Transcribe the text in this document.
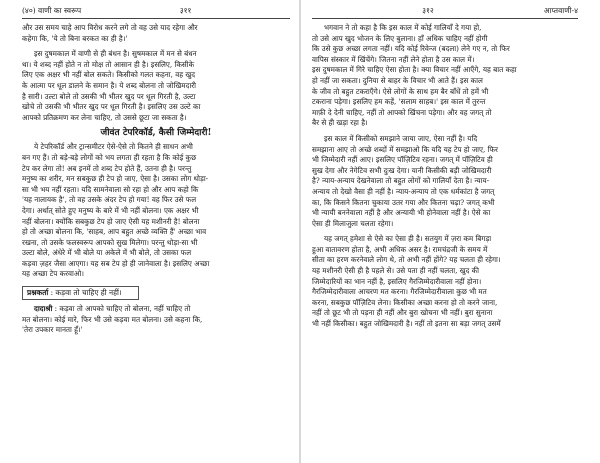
(४०) वाणी का स्वरूप	३११
और उस समय चाहे आप विरोध करने लगे तो वह उसे याद रहेगा और
कहेगा कि, 'ये तो बिना बरकत का ही है।'
इस दुषमकाल में वाणी से ही बंधन है। सुषमकाल में मन से बंधन
था। ये शब्द नहीं होते न तो मोक्ष तो आसान ही है। इसलिए, किसीके
लिए एक अक्षर भी नहीं बोल सकते। किसीको गलत कहना, वह खुद
के आत्मा पर धूल डालने के समान है। ये शब्द बोलना तो जोखिमदारी
है सारी। उल्टा बोले तो उसकी भी भीतर खुद पर धूल गिरती है, उल्टा
खोचे तो उसकी भी भीतर खुद पर धूल गिरती है। इसलिए उस उल्टे का
आपको प्रतिक्रमण कर लेना चाहिए, तो उससे छूटा जा सकता है।
जीवंत टेपरिकॉर्ड, कैसी जिम्मेदारी!
ये टेपरिकॉर्ड और ट्रान्समीटर ऐसे-ऐसे तो कितने ही साधन अभी
बन गए हैं। तो बड़े-बड़े लोगों को भय लगता ही रहता है कि कोई कुछ
टेप कर लेगा तो! अब इनमें तो शब्द टेप होते हैं, उतना ही है। परन्तु
मनुष्य का शरीर, मन सबकुछ ही टेप हो जाए, ऐसा है। उसका लोग थोड़ा-
सा भी भय नहीं रहता। यदि सामनेवाला सो रहा हो और आप कहो कि
'यह नालायक है', तो वह उसके अंदर टेप हो गया! वह फिर उसे फल
देगा। अर्थात् सोते हुए मनुष्य के बारे में भी नहीं बोलना। एक अक्षर भी
नहीं बोलना। क्योंकि सबकुछ टेप हो जाए ऐसी यह मशीनरी है! बोलना
हो तो अच्छा बोलना कि, 'साहब, आप बहुत अच्छे व्यक्ति हैं' अच्छा भाव
रखना, तो उसके फलस्वरूप आपको सुख मिलेगा। परन्तु थोड़ा-सा भी
उल्टा बोले, अंधेरे में भी बोले या अकेले में भी बोले, तो उसका फल
कड़वा ज़हर जैसा आएगा। यह सब टेप हो ही जानेवाला है। इसलिए अच्छा
यह अच्छा टेप करवाओ।
प्रश्नकर्ता : कड़वा तो चाहिए ही नहीं।
दादाश्री : कड़वा तो आपको चाहिए तो बोलना, नहीं चाहिए तो
मत बोलना। कोई मारे, फिर भी उसे कड़वा मत बोलना। उसे कहना कि,
'तेरा उपकार मानता हूँ।'
३१२	आप्तवाणी-४
भगवान ने तो कहा है कि इस काल में कोई गालियाँ दे गया हो,
तो उसे आप खुद भोजन के लिए बुलाना। हाँ अधिक चाहिए नहीं होगी
कि उसे कुछ अच्छा लगता नहीं। यदि कोई रिवेन्ज (बदला) लेने गए न, तो फिर
वापिस संस्कार में खिंचेंगे। जितना नहीं लेने होता है उस काल में।
इस दुषमकाल में गिरे चाहिए ऐसा होता है। क्या विचार नहीं आएँगे, यह बात कहा
हो नहीं जा सकता। दुनिया से बाहर के विचार भी आते हैं। इस काल
के जीव तो बहुत टकराएँगे। ऐसे लोगों के साथ हम बैर बाँधें तो हमें भी
टकराना पड़ेगा। इसलिए हम कहें, 'सलाम साहब।' इस काल में तुरन्त
माफ़ी दे देनी चाहिए, नहीं तो आपको खिंचना पड़ेगा। और वह जगत् तो
बैर से ही खड़ा रहा है।
इस काल में किसीको समझाने जाया जाए, ऐसा नहीं है। यदि
समझाना आए तो अच्छे शब्दों में समझाओ कि यदि यह टेप हो जाए, फिर
भी जिम्मेदारी नहीं आए। इसलिए पॉज़िटिव रहना। जगत् में पॉज़िटिव ही
सुख देगा और नेगेटिव सभी दुःख देगा। यानी किसीकी बड़ी जोखिमदारी
है? न्याय-अन्याय देखनेवाला तो बहुत लोगों को गालियाँ देता है। न्याय-
अन्याय तो देखो वैसा ही नहीं है। न्याय-अन्याय तो एक धर्मकांटा है जगत्
का, कि किसने कितना चुकाया उतर गया और कितना चढ़ा? जगत् कभी
भी न्यायी बननेवाला नहीं है और अन्यायी भी होनेवाला नहीं है। ऐसे का
ऐसा ही मिलाजुला चलता रहेगा।
यह जगत् हमेशा से ऐसे का ऐसा ही है। सतयुग में ज़रा कम बिगड़ा
हुआ वातावरण होता है, अभी अधिक असर है। रामचंद्रजी के समय में
सीता का हरण करनेवाले लोग थे, तो अभी नहीं होंगे? यह चलता ही रहेगा।
यह मशीनरी ऐसी ही है पहले से। उसे पता ही नहीं चलता, खुद की
जिम्मेदारियों का भान नहीं है, इसलिए गैरजिम्मेदारीवाला नहीं होना।
गैरजिम्मेदारीवाला आचरण मत करना। गैरजिम्मेदारीवाला कुछ भी मत
करना, सबकुछ पॉज़िटिव लेना। किसीका अच्छा करना हो तो करने जाना,
नहीं तो छूट भी तो पड़ना ही नहीं और बुरा खोचना भी नहीं। बुरा सुनाना
भी नहीं किसीका। बहुत जोखिमदारी है। नहीं तो इतना सा बड़ा जगत् उसमें
